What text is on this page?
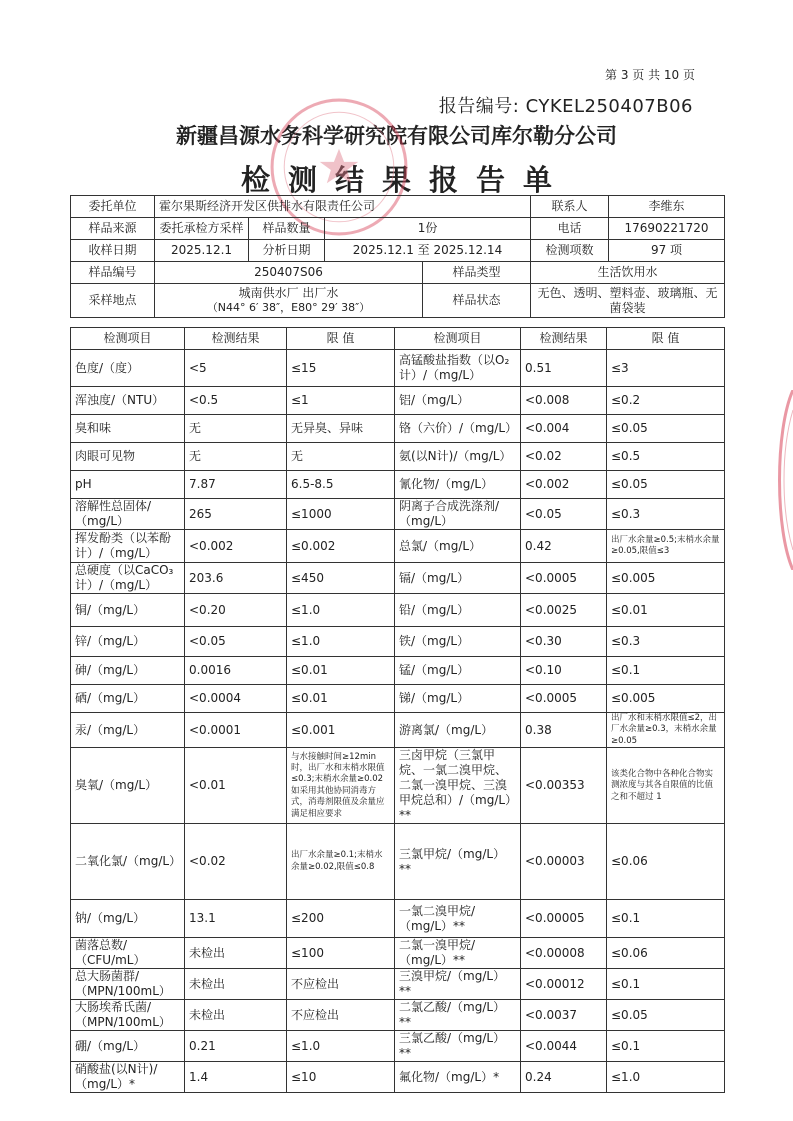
第 3 页 共 10 页
报告编号: CYKEL250407B06
新疆昌源水务科学研究院有限公司库尔勒分公司
检测结果报告单
委托单位	霍尔果斯经济开发区供排水有限责任公司				联系人	李维东
样品来源	委托承检方采样	样品数量	1份		电话	17690221720
收样日期	2025.12.1	分析日期	2025.12.1 至 2025.12.14		检测项数	97 项
样品编号	250407S06			样品类型	生活饮用水	
采样地点	城南供水厂 出厂水
（N44° 6′ 38″，E80° 29′ 38″）			样品状态	无色、透明、塑料壶、玻璃瓶、无菌袋装	
检测项目	检测结果	限 值	检测项目	检测结果	限 值
色度/（度）	<5	≤15	高锰酸盐指数（以O₂计）/（mg/L）	0.51	≤3
浑浊度/（NTU）	<0.5	≤1	铝/（mg/L）	<0.008	≤0.2
臭和味	无	无异臭、异味	铬（六价）/（mg/L）	<0.004	≤0.05
肉眼可见物	无	无	氨(以N计)/（mg/L）	<0.02	≤0.5
pH	7.87	6.5-8.5	氰化物/（mg/L）	<0.002	≤0.05
溶解性总固体/（mg/L）	265	≤1000	阴离子合成洗涤剂/（mg/L）	<0.05	≤0.3
挥发酚类（以苯酚计）/（mg/L）	<0.002	≤0.002	总氯/（mg/L）	0.42	出厂水余量≥0.5;末梢水余量≥0.05,限值≤3
总硬度（以CaCO₃计）/（mg/L）	203.6	≤450	镉/（mg/L）	<0.0005	≤0.005
铜/（mg/L）	<0.20	≤1.0	铅/（mg/L）	<0.0025	≤0.01
锌/（mg/L）	<0.05	≤1.0	铁/（mg/L）	<0.30	≤0.3
砷/（mg/L）	0.0016	≤0.01	锰/（mg/L）	<0.10	≤0.1
硒/（mg/L）	<0.0004	≤0.01	锑/（mg/L）	<0.0005	≤0.005
汞/（mg/L）	<0.0001	≤0.001	游离氯/（mg/L）	0.38	出厂水和末梢水限值≤2，出厂水余量≥0.3，末梢水余量≥0.05
臭氧/（mg/L）	<0.01	与水接触时间≥12min时，出厂水和末梢水限值≤0.3;末梢水余量≥0.02 如采用其他协同消毒方式，消毒剂限值及余量应满足相应要求	三卤甲烷（三氯甲烷、一氯二溴甲烷、二氯一溴甲烷、三溴甲烷总和）/（mg/L）**	<0.00353	该类化合物中各种化合物实测浓度与其各自限值的比值之和不超过 1
二氧化氯/（mg/L）	<0.02	出厂水余量≥0.1;末梢水余量≥0.02,限值≤0.8	三氯甲烷/（mg/L）**	<0.00003	≤0.06
钠/（mg/L）	13.1	≤200	一氯二溴甲烷/（mg/L）**	<0.00005	≤0.1
菌落总数/（CFU/mL）	未检出	≤100	二氯一溴甲烷/（mg/L）**	<0.00008	≤0.06
总大肠菌群/（MPN/100mL）	未检出	不应检出	三溴甲烷/（mg/L）**	<0.00012	≤0.1
大肠埃希氏菌/（MPN/100mL）	未检出	不应检出	二氯乙酸/（mg/L）**	<0.0037	≤0.05
硼/（mg/L）	0.21	≤1.0	三氯乙酸/（mg/L）**	<0.0044	≤0.1
硝酸盐(以N计)/（mg/L）*	1.4	≤10	氟化物/（mg/L）*	0.24	≤1.0
